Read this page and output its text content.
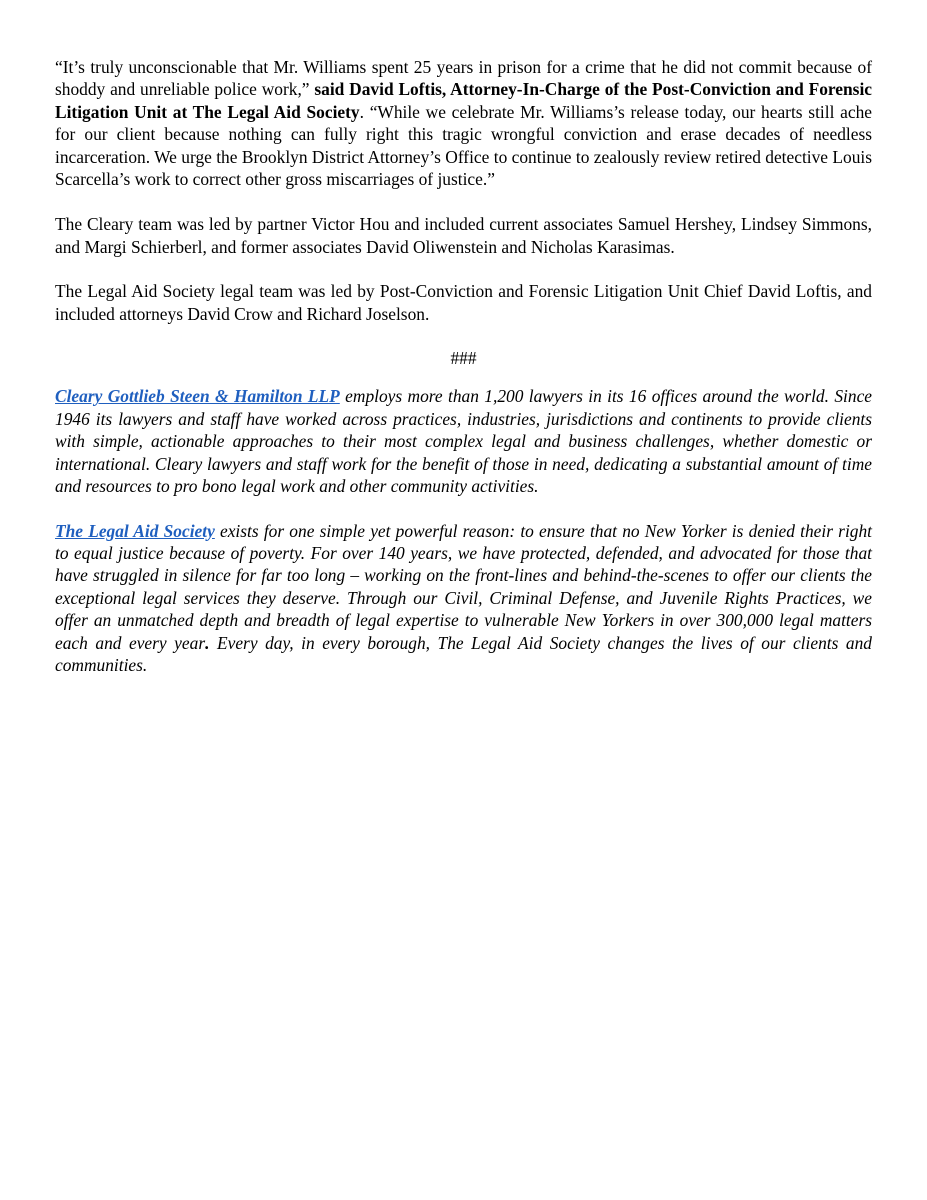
“It’s truly unconscionable that Mr. Williams spent 25 years in prison for a crime that he did not commit because of shoddy and unreliable police work,” said David Loftis, Attorney-In-Charge of the Post-Conviction and Forensic Litigation Unit at The Legal Aid Society. “While we celebrate Mr. Williams’s release today, our hearts still ache for our client because nothing can fully right this tragic wrongful conviction and erase decades of needless incarceration. We urge the Brooklyn District Attorney’s Office to continue to zealously review retired detective Louis Scarcella’s work to correct other gross miscarriages of justice.”

The Cleary team was led by partner Victor Hou and included current associates Samuel Hershey, Lindsey Simmons, and Margi Schierberl, and former associates David Oliwenstein and Nicholas Karasimas.

The Legal Aid Society legal team was led by Post-Conviction and Forensic Litigation Unit Chief David Loftis, and included attorneys David Crow and Richard Joselson.

###

Cleary Gottlieb Steen & Hamilton LLP employs more than 1,200 lawyers in its 16 offices around the world. Since 1946 its lawyers and staff have worked across practices, industries, jurisdictions and continents to provide clients with simple, actionable approaches to their most complex legal and business challenges, whether domestic or international. Cleary lawyers and staff work for the benefit of those in need, dedicating a substantial amount of time and resources to pro bono legal work and other community activities.

The Legal Aid Society exists for one simple yet powerful reason: to ensure that no New Yorker is denied their right to equal justice because of poverty. For over 140 years, we have protected, defended, and advocated for those that have struggled in silence for far too long – working on the front-lines and behind-the-scenes to offer our clients the exceptional legal services they deserve. Through our Civil, Criminal Defense, and Juvenile Rights Practices, we offer an unmatched depth and breadth of legal expertise to vulnerable New Yorkers in over 300,000 legal matters each and every year. Every day, in every borough, The Legal Aid Society changes the lives of our clients and communities.
